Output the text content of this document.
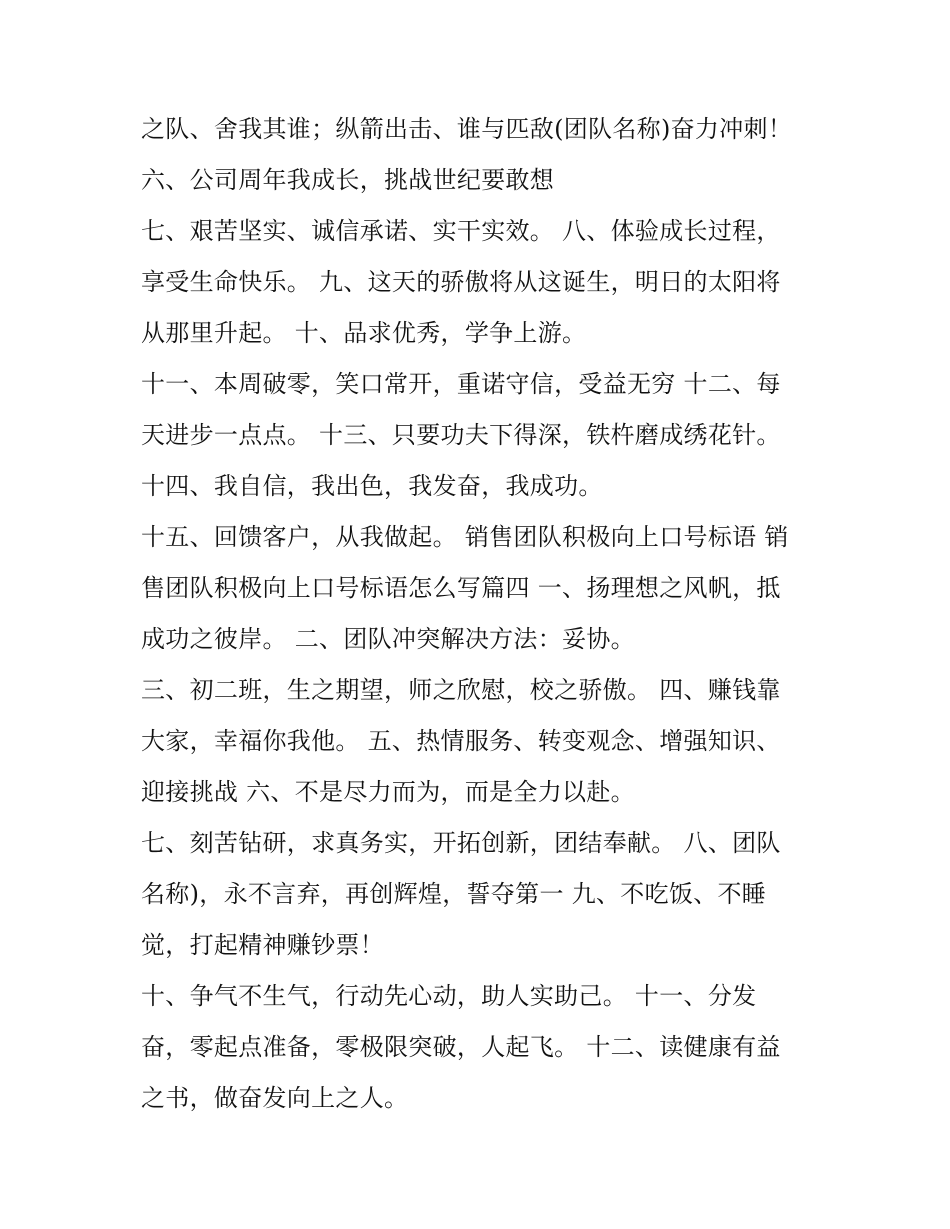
之队、舍我其谁；纵箭出击、谁与匹敌(团队名称)奋力冲刺！
六、公司周年我成长，挑战世纪要敢想
七、艰苦坚实、诚信承诺、实干实效。 八、体验成长过程，
享受生命快乐。 九、这天的骄傲将从这诞生，明日的太阳将
从那里升起。 十、品求优秀，学争上游。
十一、本周破零，笑口常开，重诺守信，受益无穷 十二、每
天进步一点点。 十三、只要功夫下得深，铁杵磨成绣花针。
十四、我自信，我出色，我发奋，我成功。
十五、回馈客户，从我做起。 销售团队积极向上口号标语 销
售团队积极向上口号标语怎么写篇四 一、扬理想之风帆，抵
成功之彼岸。 二、团队冲突解决方法：妥协。
三、初二班，生之期望，师之欣慰，校之骄傲。 四、赚钱靠
大家，幸福你我他。 五、热情服务、转变观念、增强知识、
迎接挑战 六、不是尽力而为，而是全力以赴。
七、刻苦钻研，求真务实，开拓创新，团结奉献。 八、团队
名称)，永不言弃，再创辉煌，誓夺第一 九、不吃饭、不睡
觉，打起精神赚钞票！
十、争气不生气，行动先心动，助人实助己。 十一、分发
奋，零起点准备，零极限突破，人起飞。 十二、读健康有益
之书，做奋发向上之人。
